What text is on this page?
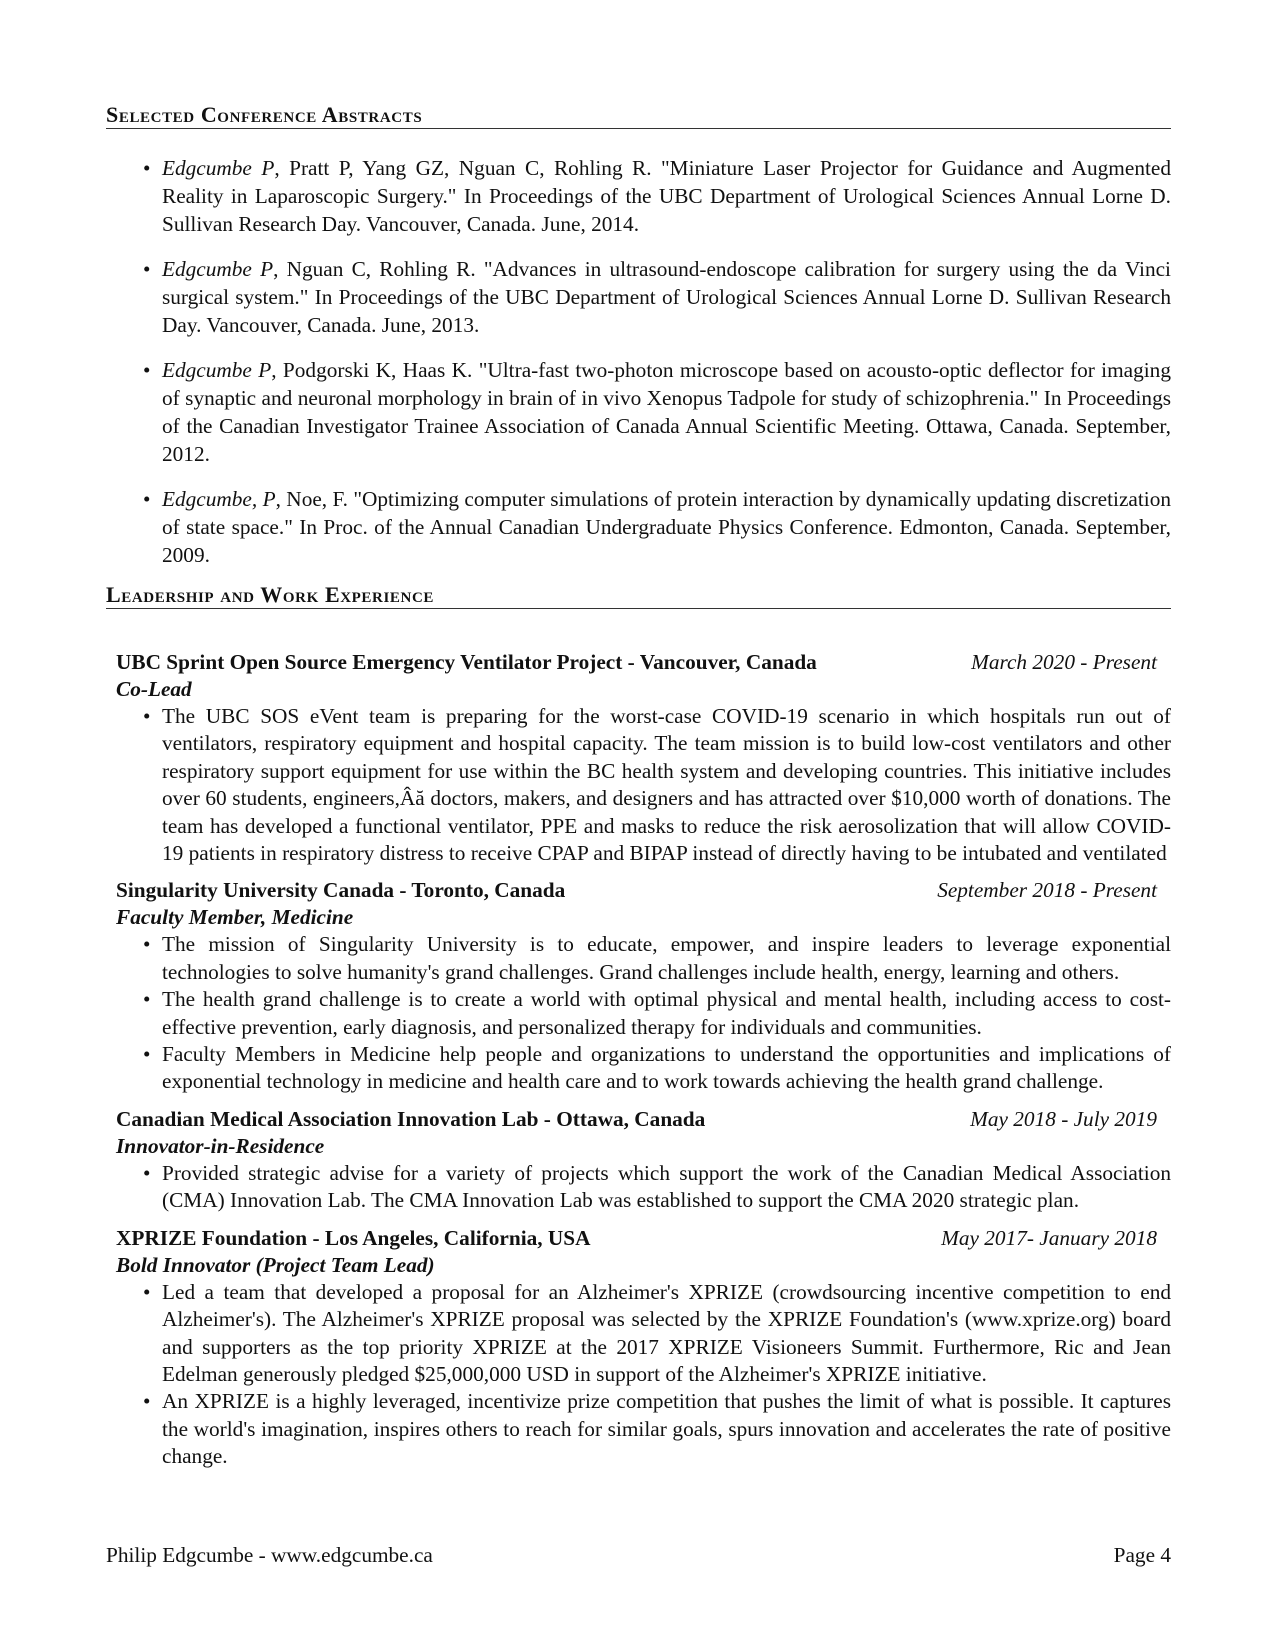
Selected Conference Abstracts
• Edgcumbe P, Pratt P, Yang GZ, Nguan C, Rohling R. "Miniature Laser Projector for Guidance and Augmented Reality in Laparoscopic Surgery." In Proceedings of the UBC Department of Urological Sciences Annual Lorne D. Sullivan Research Day. Vancouver, Canada. June, 2014.
• Edgcumbe P, Nguan C, Rohling R. "Advances in ultrasound-endoscope calibration for surgery using the da Vinci surgical system." In Proceedings of the UBC Department of Urological Sciences Annual Lorne D. Sullivan Research Day. Vancouver, Canada. June, 2013.
• Edgcumbe P, Podgorski K, Haas K. "Ultra-fast two-photon microscope based on acousto-optic deflector for imaging of synaptic and neuronal morphology in brain of in vivo Xenopus Tadpole for study of schizophrenia." In Proceedings of the Canadian Investigator Trainee Association of Canada Annual Scientific Meeting. Ottawa, Canada. September, 2012.
• Edgcumbe, P, Noe, F. "Optimizing computer simulations of protein interaction by dynamically updating discretization of state space." In Proc. of the Annual Canadian Undergraduate Physics Conference. Edmonton, Canada. September, 2009.
Leadership and Work Experience
UBC Sprint Open Source Emergency Ventilator Project - Vancouver, Canada	March 2020 - Present
Co-Lead
• The UBC SOS eVent team is preparing for the worst-case COVID-19 scenario in which hospitals run out of ventilators, respiratory equipment and hospital capacity. The team mission is to build low-cost ventilators and other respiratory support equipment for use within the BC health system and developing countries. This initiative includes over 60 students, engineers,Âă doctors, makers, and designers and has attracted over $10,000 worth of donations. The team has developed a functional ventilator, PPE and masks to reduce the risk aerosolization that will allow COVID-19 patients in respiratory distress to receive CPAP and BIPAP instead of directly having to be intubated and ventilated
Singularity University Canada - Toronto, Canada	September 2018 - Present
Faculty Member, Medicine
• The mission of Singularity University is to educate, empower, and inspire leaders to leverage exponential technologies to solve humanity's grand challenges. Grand challenges include health, energy, learning and others.
• The health grand challenge is to create a world with optimal physical and mental health, including access to cost-effective prevention, early diagnosis, and personalized therapy for individuals and communities.
• Faculty Members in Medicine help people and organizations to understand the opportunities and implications of exponential technology in medicine and health care and to work towards achieving the health grand challenge.
Canadian Medical Association Innovation Lab - Ottawa, Canada	May 2018 - July 2019
Innovator-in-Residence
• Provided strategic advise for a variety of projects which support the work of the Canadian Medical Association (CMA) Innovation Lab. The CMA Innovation Lab was established to support the CMA 2020 strategic plan.
XPRIZE Foundation - Los Angeles, California, USA	May 2017- January 2018
Bold Innovator (Project Team Lead)
• Led a team that developed a proposal for an Alzheimer's XPRIZE (crowdsourcing incentive competition to end Alzheimer's). The Alzheimer's XPRIZE proposal was selected by the XPRIZE Foundation's (www.xprize.org) board and supporters as the top priority XPRIZE at the 2017 XPRIZE Visioneers Summit. Furthermore, Ric and Jean Edelman generously pledged $25,000,000 USD in support of the Alzheimer's XPRIZE initiative.
• An XPRIZE is a highly leveraged, incentivize prize competition that pushes the limit of what is possible. It captures the world's imagination, inspires others to reach for similar goals, spurs innovation and accelerates the rate of positive change.
Philip Edgcumbe - www.edgcumbe.ca	Page 4
